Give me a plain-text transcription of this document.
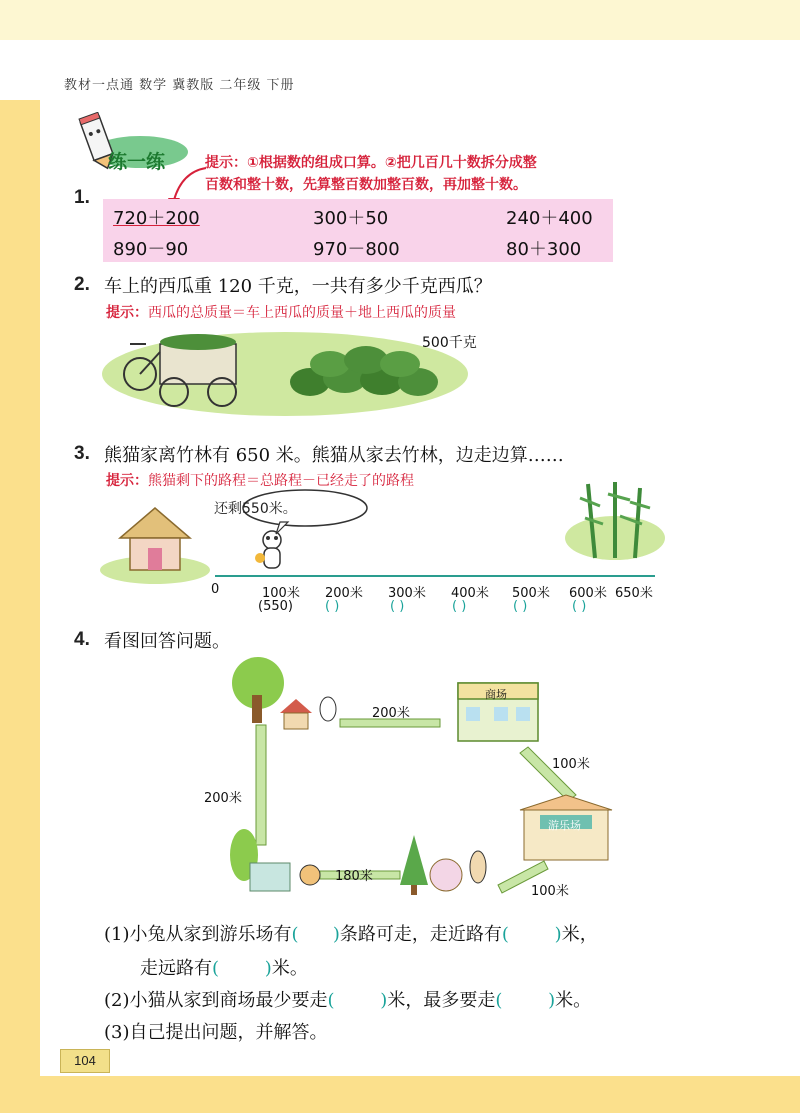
教材一点通 数学 冀教版 二年级 下册
练一练
1.
提示：①根据数的组成口算。②把几百几十数拆分成整
百数和整十数，先算整百数加整百数，再加整十数。
720＋200	300＋50	240＋400
890－90	970－800	80＋300
2. 车上的西瓜重 120 千克，一共有多少千克西瓜？
提示：西瓜的总质量＝车上西瓜的质量＋地上西瓜的质量
500千克
3. 熊猫家离竹林有 650 米。熊猫从家去竹林，边走边算……
提示：熊猫剩下的路程＝总路程－已经走了的路程
还剩550米。
0	100米 200米 300米 400米 500米 600米 650米
(550) ( )	( )	( )	( )	( )
4. 看图回答问题。
200米
200米
180米
100米
100米
商场
游乐场
(1)小兔从家到游乐场有(      )条路可走，走近路有(        )米，
走远路有(        )米。
(2)小猫从家到商场最少要走(        )米，最多要走(        )米。
(3)自己提出问题，并解答。
104
